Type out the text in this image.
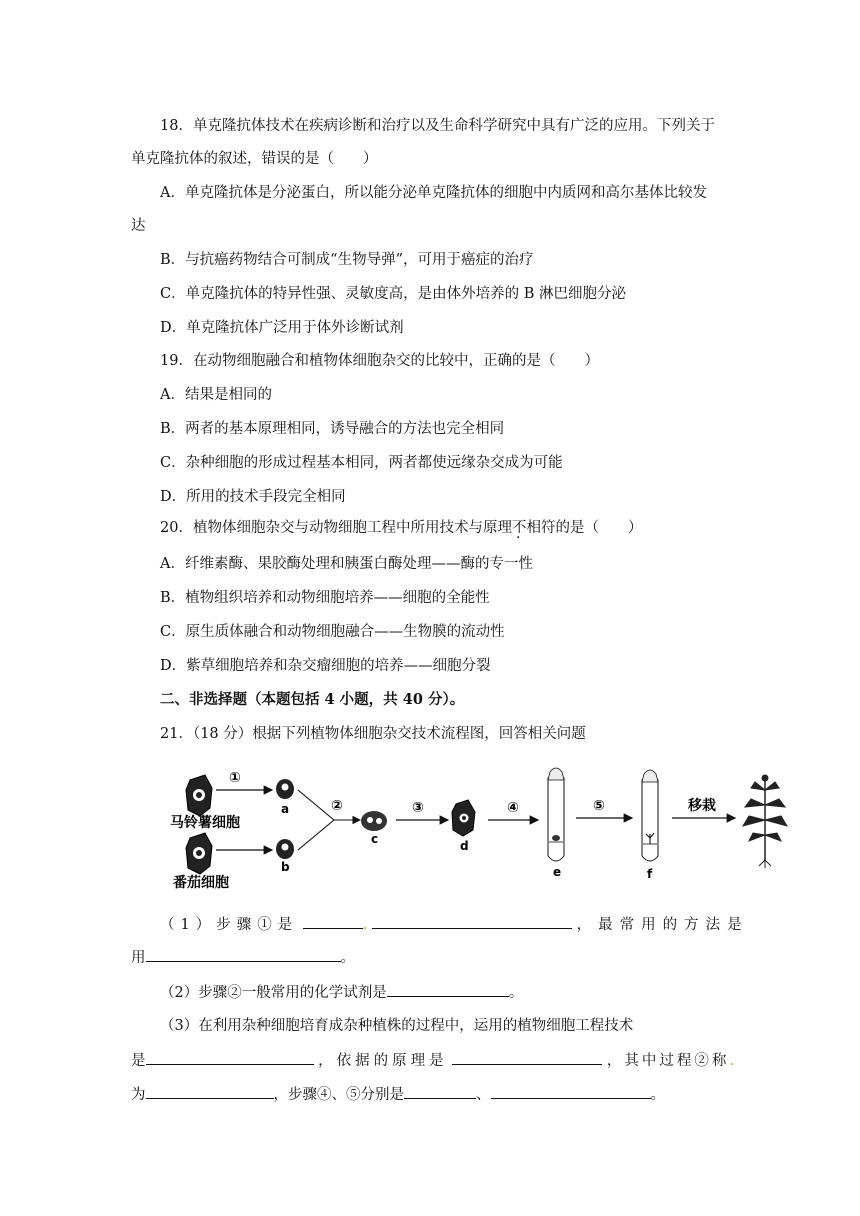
18．单克隆抗体技术在疾病诊断和治疗以及生命科学研究中具有广泛的应用。下列关于
单克隆抗体的叙述，错误的是（　　）
A．单克隆抗体是分泌蛋白，所以能分泌单克隆抗体的细胞中内质网和高尔基体比较发
达
B．与抗癌药物结合可制成“生物导弹”，可用于癌症的治疗
C．单克隆抗体的特异性强、灵敏度高，是由体外培养的 B 淋巴细胞分泌
D．单克隆抗体广泛用于体外诊断试剂
19．在动物细胞融合和植物体细胞杂交的比较中，正确的是（　　）
A．结果是相同的
B．两者的基本原理相同，诱导融合的方法也完全相同
C．杂种细胞的形成过程基本相同，两者都使远缘杂交成为可能
D．所用的技术手段完全相同
20．植物体细胞杂交与动物细胞工程中所用技术与原理不相符的是（　　）
A．纤维素酶、果胶酶处理和胰蛋白酶处理——酶的专一性
B．植物组织培养和动物细胞培养——细胞的全能性
C．原生质体融合和动物细胞融合——生物膜的流动性
D．紫草细胞培养和杂交瘤细胞的培养——细胞分裂
二、非选择题（本题包括 4 小题，共 40 分）。
21．（18 分）根据下列植物体细胞杂交技术流程图，回答相关问题
①
a
b
②
c
③
d
④
e
⑤
f
移栽
马铃薯细胞
番茄细胞
（1）步骤①是	.	，最常用的方法是
用	。
（2）步骤②一般常用的化学试剂是	。
（3）在利用杂种细胞培育成杂种植株的过程中，运用的植物细胞工程技术
是	，依据的原理是	，其中过程②称.
为	，步骤④、⑤分别是	、	。
